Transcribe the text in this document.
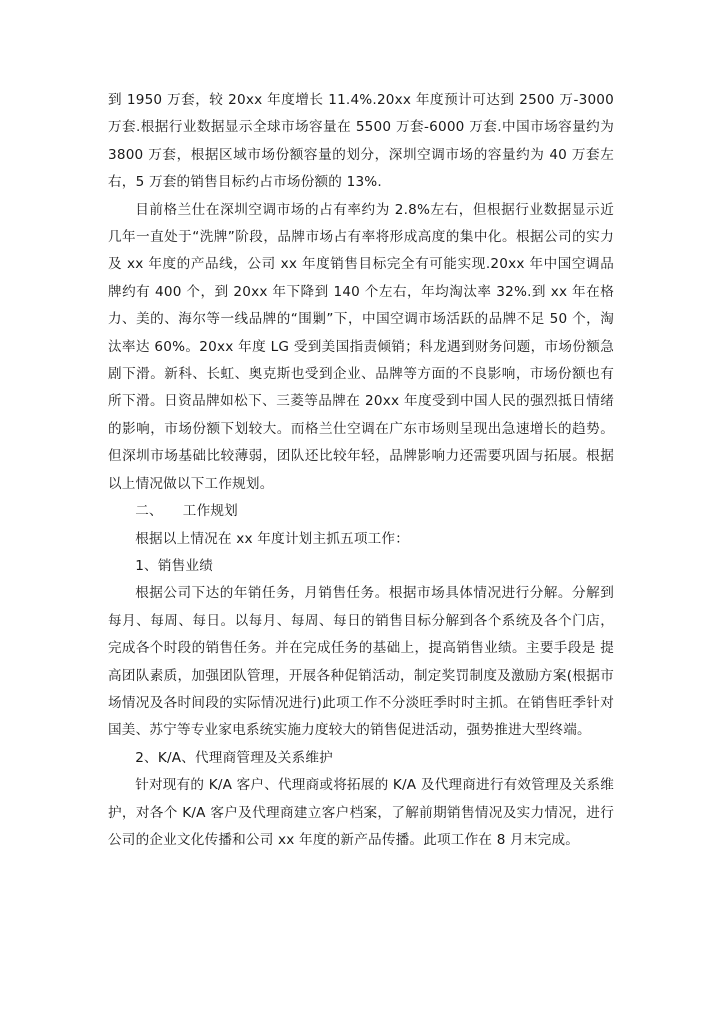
到 1950 万套，较 20xx 年度增长 11.4%.20xx 年度预计可达到 2500 万-3000 万套.根据行业数据显示全球市场容量在 5500 万套-6000 万套.中国市场容量约为 3800 万套，根据区域市场份额容量的划分，深圳空调市场的容量约为 40 万套左右，5 万套的销售目标约占市场份额的 13%.

目前格兰仕在深圳空调市场的占有率约为 2.8%左右，但根据行业数据显示近几年一直处于“洗牌”阶段，品牌市场占有率将形成高度的集中化。根据公司的实力及 xx 年度的产品线，公司 xx 年度销售目标完全有可能实现.20xx 年中国空调品牌约有 400 个，到 20xx 年下降到 140 个左右，年均淘汰率 32%.到 xx 年在格力、美的、海尔等一线品牌的“围剿”下，中国空调市场活跃的品牌不足 50 个，淘汰率达 60%。20xx 年度 LG 受到美国指责倾销；科龙遇到财务问题，市场份额急剧下滑。新科、长虹、奥克斯也受到企业、品牌等方面的不良影响，市场份额也有所下滑。日资品牌如松下、三菱等品牌在 20xx 年度受到中国人民的强烈抵日情绪的影响，市场份额下划较大。而格兰仕空调在广东市场则呈现出急速增长的趋势。但深圳市场基础比较薄弱，团队还比较年轻，品牌影响力还需要巩固与拓展。根据以上情况做以下工作规划。

二、 工作规划

根据以上情况在 xx 年度计划主抓五项工作：

1、销售业绩

根据公司下达的年销任务，月销售任务。根据市场具体情况进行分解。分解到每月、每周、每日。以每月、每周、每日的销售目标分解到各个系统及各个门店，完成各个时段的销售任务。并在完成任务的基础上，提高销售业绩。主要手段是 提高团队素质，加强团队管理，开展各种促销活动，制定奖罚制度及激励方案(根据市场情况及各时间段的实际情况进行)此项工作不分淡旺季时时主抓。在销售旺季针对国美、苏宁等专业家电系统实施力度较大的销售促进活动，强势推进大型终端。

2、K/A、代理商管理及关系维护

针对现有的 K/A 客户、代理商或将拓展的 K/A 及代理商进行有效管理及关系维护，对各个 K/A 客户及代理商建立客户档案，了解前期销售情况及实力情况，进行公司的企业文化传播和公司 xx 年度的新产品传播。此项工作在 8 月末完成。
